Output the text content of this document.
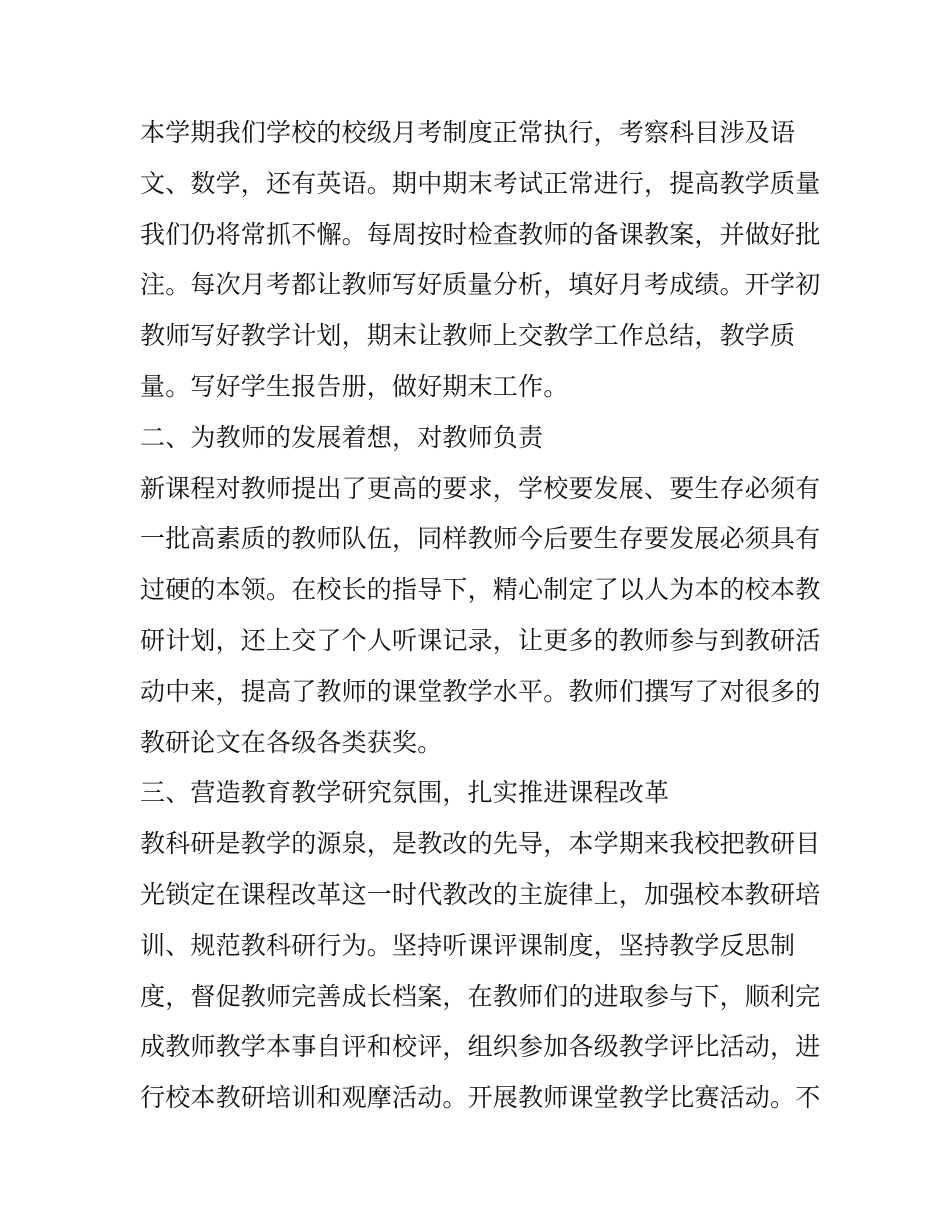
本学期我们学校的校级月考制度正常执行，考察科目涉及语
文、数学，还有英语。期中期末考试正常进行，提高教学质量
我们仍将常抓不懈。每周按时检查教师的备课教案，并做好批
注。每次月考都让教师写好质量分析，填好月考成绩。开学初
教师写好教学计划，期末让教师上交教学工作总结，教学质
量。写好学生报告册，做好期末工作。
二、为教师的发展着想，对教师负责
新课程对教师提出了更高的要求，学校要发展、要生存必须有
一批高素质的教师队伍，同样教师今后要生存要发展必须具有
过硬的本领。在校长的指导下，精心制定了以人为本的校本教
研计划，还上交了个人听课记录，让更多的教师参与到教研活
动中来，提高了教师的课堂教学水平。教师们撰写了对很多的
教研论文在各级各类获奖。
三、营造教育教学研究氛围，扎实推进课程改革
教科研是教学的源泉，是教改的先导，本学期来我校把教研目
光锁定在课程改革这一时代教改的主旋律上，加强校本教研培
训、规范教科研行为。坚持听课评课制度，坚持教学反思制
度，督促教师完善成长档案，在教师们的进取参与下，顺利完
成教师教学本事自评和校评，组织参加各级教学评比活动，进
行校本教研培训和观摩活动。开展教师课堂教学比赛活动。不
